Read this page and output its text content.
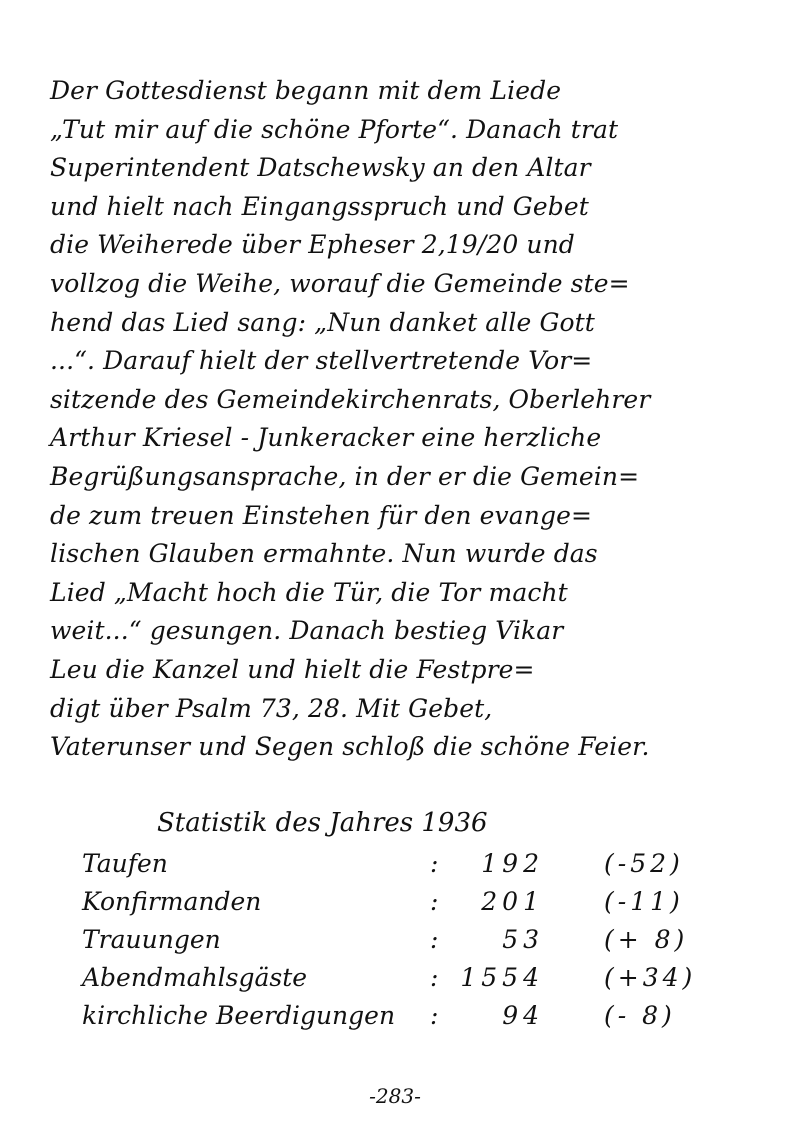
Der Gottesdienst begann mit dem Liede
„Tut mir auf die schöne Pforte“. Danach trat
Superintendent Datschewsky an den Altar
und hielt nach Eingangsspruch und Gebet
die Weiherede über Epheser 2,19/20 und
vollzog die Weihe, worauf die Gemeinde ste=
hend das Lied sang: „Nun danket alle Gott
...“. Darauf hielt der stellvertretende Vor=
sitzende des Gemeindekirchenrats, Oberlehrer
Arthur Kriesel - Junkeracker eine herzliche
Begrüßungsansprache, in der er die Gemein=
de zum treuen Einstehen für den evange=
lischen Glauben ermahnte. Nun wurde das
Lied „Macht hoch die Tür, die Tor macht
weit...“ gesungen. Danach bestieg Vikar
Leu die Kanzel und hielt die Festpre=
digt über Psalm 73, 28. Mit Gebet,
Vaterunser und Segen schloß die schöne Feier.
Statistik des Jahres 1936
Taufen	:	192 (-52)
Konfirmanden	:	201 (-11)
Trauungen	:	53 (+ 8)
Abendmahlsgäste	: 1554 (+34)
kirchliche Beerdigungen :	94 (- 8)
-283-
